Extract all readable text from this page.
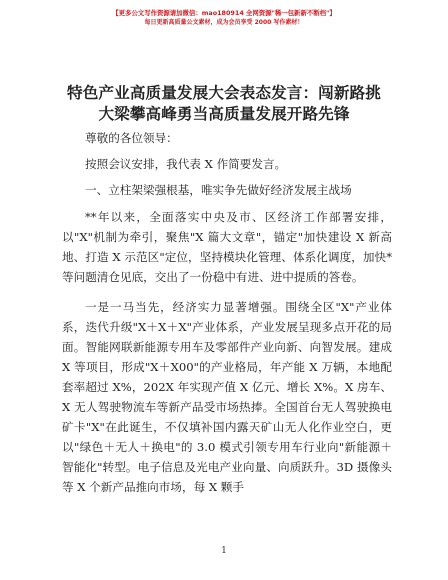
【更多公文写作资源请加微信：mao180914 全网资源"稀一包新新不断档"】
每日更新高质量公文素材，成为会员享受 2000 写作素材！
特色产业高质量发展大会表态发言：闯新路挑
大梁攀高峰勇当高质量发展开路先锋

尊敬的各位领导：

按照会议安排，我代表 X 作简要发言。

一、立柱架梁强根基，唯实争先做好经济发展主战场

**年以来，全面落实中央及市、区经济工作部署安排，以"X"机制为牵引，聚焦"X 篇大文章"，锚定"加快建设 X 新高地、打造 X 示范区"定位，坚持模块化管理、体系化调度，加快*等问题清仓见底，交出了一份稳中有进、进中提质的答卷。

一是一马当先，经济实力显著增强。围绕全区"X"产业体系，迭代升级"X＋X＋X"产业体系，产业发展呈现多点开花的局面。智能网联新能源专用车及零部件产业向新、向智发展。建成 X 等项目，形成"X＋X00"的产业格局，年产能 X 万辆，本地配套率超过 X%，202X 年实现产值 X 亿元、增长 X%。X 房车、X 无人驾驶物流车等新产品受市场热捧。全国首台无人驾驶换电矿卡"X"在此诞生，不仅填补国内露天矿山无人化作业空白，更以"绿色＋无人＋换电"的 3.0 模式引领专用车行业向"新能源＋智能化"转型。电子信息及光电产业向量、向质跃升。3D 摄像头等 X 个新产品推向市场，每 X 颗手

1
